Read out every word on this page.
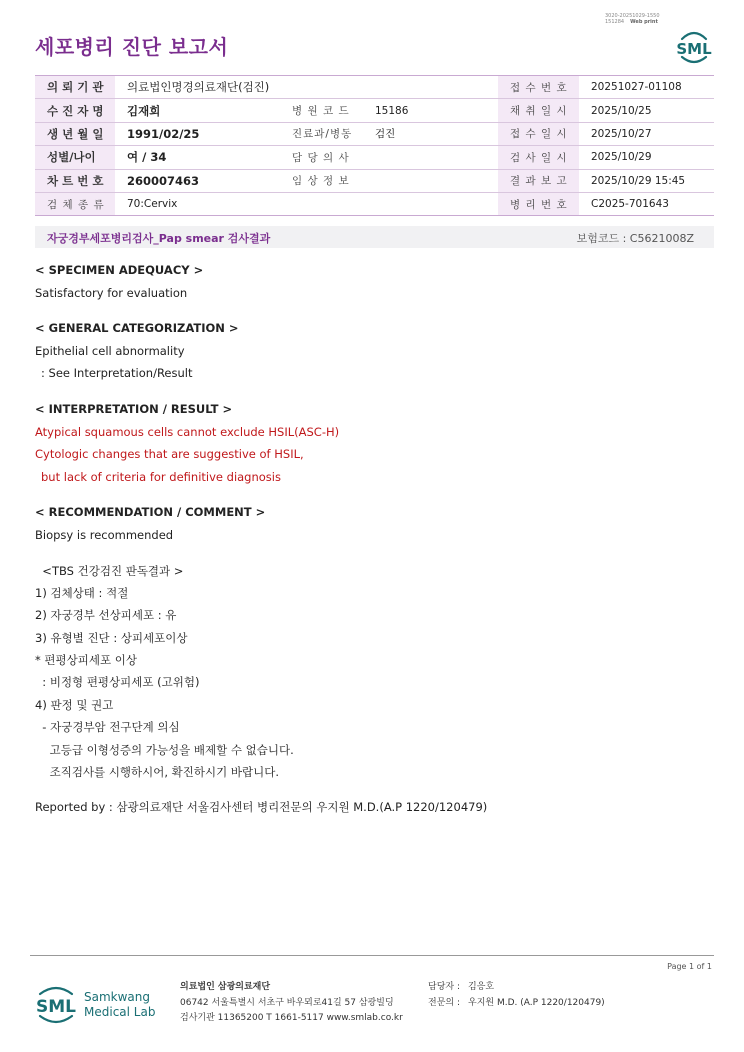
3020-20251029-1550
151284 Web print
세포병리 진단 보고서	SML
의 뢰 기 관	의료법인명경의료재단(검진)			접 수 번 호	20251027-01108
수 진 자 명	김재희	병 원 코 드	15186	채 취 일 시	2025/10/25
생 년 월 일	1991/02/25	진료과/병동	검진	접 수 일 시	2025/10/27
성별/나이	여 / 34	담 당 의 사		검 사 일 시	2025/10/29
차 트 번 호	260007463	임 상 정 보		결 과 보 고	2025/10/29 15:45
검 체 종 류	70:Cervix			병 리 번 호	C2025-701643
자궁경부세포병리검사_Pap smear 검사결과	보험코드 : C5621008Z
< SPECIMEN ADEQUACY >
Satisfactory for evaluation
< GENERAL CATEGORIZATION >
Epithelial cell abnormality
: See Interpretation/Result
< INTERPRETATION / RESULT >
Atypical squamous cells cannot exclude HSIL(ASC-H)
Cytologic changes that are suggestive of HSIL,
but lack of criteria for definitive diagnosis
< RECOMMENDATION / COMMENT >
Biopsy is recommended
<TBS 건강검진 판독결과 >
1) 검체상태 : 적절
2) 자궁경부 선상피세포 : 유
3) 유형별 진단 : 상피세포이상
* 편평상피세포 이상
: 비정형 편평상피세포 (고위험)
4) 판정 및 권고
- 자궁경부암 전구단계 의심
고등급 이형성증의 가능성을 배제할 수 없습니다.
조직검사를 시행하시어, 확진하시기 바랍니다.
Reported by : 삼광의료재단 서울검사센터 병리전문의 우지원 M.D.(A.P 1220/120479)
Page 1 of 1
SML Samkwang
Medical Lab
의료법인 삼광의료재단
06742 서울특별시 서초구 바우뫼로41길 57 삼광빌딩
검사기관 11365200 T 1661-5117 www.smlab.co.kr
담당자 : 김응호
전문의 : 우지원 M.D. (A.P 1220/120479)
